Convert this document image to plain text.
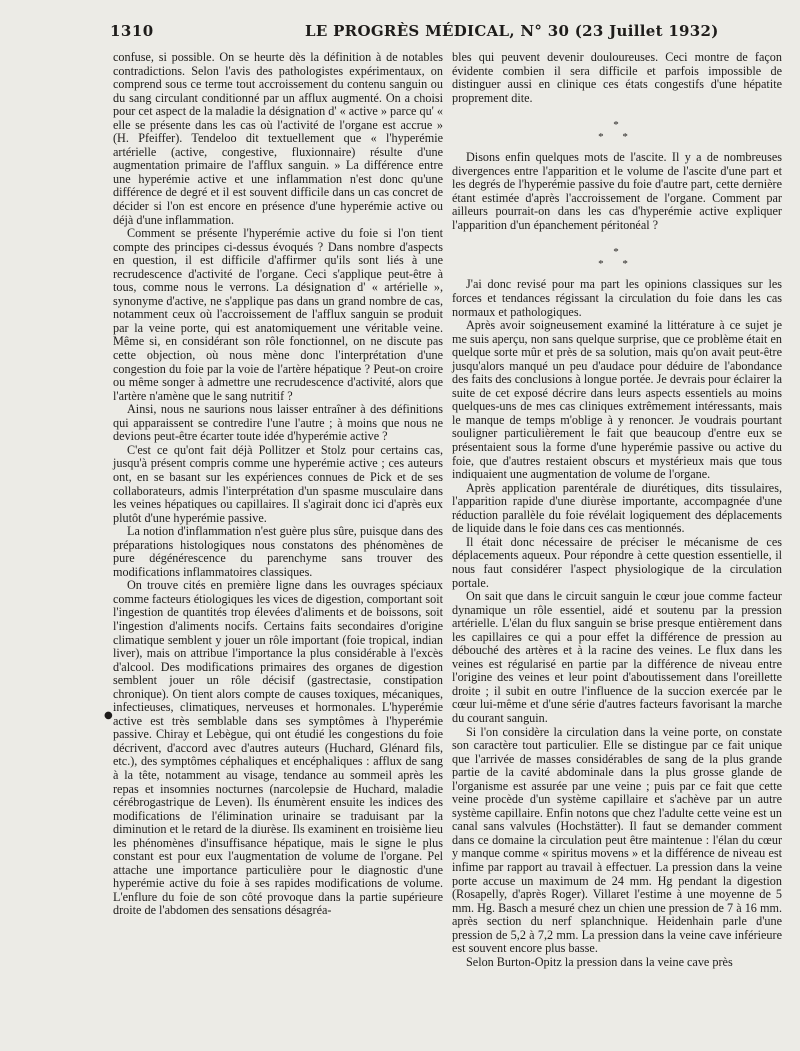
1310	LE PROGRÈS MÉDICAL, N° 30 (23 Juillet 1932)

confuse, si possible. On se heurte dès la définition à de notables contradictions. Selon l'avis des pathologistes expérimentaux, on comprend sous ce terme tout accroissement du contenu sanguin ou du sang circulant conditionné par un afflux augmenté. On a choisi pour cet aspect de la maladie la désignation d' « active » parce qu' « elle se présente dans les cas où l'activité de l'organe est accrue » (H. Pfeiffer). Tendeloo dit textuellement que « l'hyperémie artérielle (active, congestive, fluxionnaire) résulte d'une augmentation primaire de l'afflux sanguin. » La différence entre une hyperémie active et une inflammation n'est donc qu'une différence de degré et il est souvent difficile dans un cas concret de décider si l'on est encore en présence d'une hyperémie active ou déjà d'une inflammation.

Comment se présente l'hyperémie active du foie si l'on tient compte des principes ci-dessus évoqués ? Dans nombre d'aspects en question, il est difficile d'affirmer qu'ils sont liés à une recrudescence d'activité de l'organe. Ceci s'applique peut-être à tous, comme nous le verrons. La désignation d' « artérielle », synonyme d'active, ne s'applique pas dans un grand nombre de cas, notamment ceux où l'accroissement de l'afflux sanguin se produit par la veine porte, qui est anatomiquement une véritable veine. Même si, en considérant son rôle fonctionnel, on ne discute pas cette objection, où nous mène donc l'interprétation d'une congestion du foie par la voie de l'artère hépatique ? Peut-on croire ou même songer à admettre une recrudescence d'activité, alors que l'artère n'amène que le sang nutritif ?

Ainsi, nous ne saurions nous laisser entraîner à des définitions qui apparaissent se contredire l'une l'autre ; à moins que nous ne devions peut-être écarter toute idée d'hyperémie active ?

C'est ce qu'ont fait déjà Pollitzer et Stolz pour certains cas, jusqu'à présent compris comme une hyperémie active ; ces auteurs ont, en se basant sur les expériences connues de Pick et de ses collaborateurs, admis l'interprétation d'un spasme musculaire dans les veines hépatiques ou capillaires. Il s'agirait donc ici d'après eux plutôt d'une hyperémie passive.

La notion d'inflammation n'est guère plus sûre, puisque dans des préparations histologiques nous constatons des phénomènes de pure dégénérescence du parenchyme sans trouver des modifications inflammatoires classiques.

On trouve cités en première ligne dans les ouvrages spéciaux comme facteurs étiologiques les vices de digestion, comportant soit l'ingestion de quantités trop élevées d'aliments et de boissons, soit l'ingestion d'aliments nocifs. Certains faits secondaires d'origine climatique semblent y jouer un rôle important (foie tropical, indian liver), mais on attribue l'importance la plus considérable à l'excès d'alcool. Des modifications primaires des organes de digestion semblent jouer un rôle décisif (gastrectasie, constipation chronique). On tient alors compte de causes toxiques, mécaniques, infectieuses, climatiques, nerveuses et hormonales. L'hyperémie active est très semblable dans ses symptômes à l'hyperémie passive. Chiray et Lebègue, qui ont étudié les congestions du foie décrivent, d'accord avec d'autres auteurs (Huchard, Glénard fils, etc.), des symptômes céphaliques et encéphaliques : afflux de sang à la tête, notamment au visage, tendance au sommeil après les repas et insomnies nocturnes (narcolepsie de Huchard, maladie cérébrogastrique de Leven). Ils énumèrent ensuite les indices des modifications de l'élimination urinaire se traduisant par la diminution et le retard de la diurèse. Ils examinent en troisième lieu les phénomènes d'insuffisance hépatique, mais le signe le plus constant est pour eux l'augmentation de volume de l'organe. Pel attache une importance particulière pour le diagnostic d'une hyperémie active du foie à ses rapides modifications de volume. L'enflure du foie de son côté provoque dans la partie supérieure droite de l'abdomen des sensations désagréa-

●

bles qui peuvent devenir douloureuses. Ceci montre de façon évidente combien il sera difficile et parfois impossible de distinguer aussi en clinique ces états congestifs d'une hépatite proprement dite.

*
* *

Disons enfin quelques mots de l'ascite. Il y a de nombreuses divergences entre l'apparition et le volume de l'ascite d'une part et les degrés de l'hyperémie passive du foie d'autre part, cette dernière étant estimée d'après l'accroissement de l'organe. Comment par ailleurs pourrait-on dans les cas d'hyperémie active expliquer l'apparition d'un épanchement péritonéal ?

*
* *

J'ai donc revisé pour ma part les opinions classiques sur les forces et tendances régissant la circulation du foie dans les cas normaux et pathologiques.

Après avoir soigneusement examiné la littérature à ce sujet je me suis aperçu, non sans quelque surprise, que ce problème était en quelque sorte mûr et près de sa solution, mais qu'on avait peut-être jusqu'alors manqué un peu d'audace pour déduire de l'abondance des faits des conclusions à longue portée. Je devrais pour éclairer la suite de cet exposé décrire dans leurs aspects essentiels au moins quelques-uns de mes cas cliniques extrêmement intéressants, mais le manque de temps m'oblige à y renoncer. Je voudrais pourtant souligner particulièrement le fait que beaucoup d'entre eux se présentaient sous la forme d'une hyperémie passive ou active du foie, que d'autres restaient obscurs et mystérieux mais que tous indiquaient une augmentation de volume de l'organe.

Après application parentérale de diurétiques, dits tissulaires, l'apparition rapide d'une diurèse importante, accompagnée d'une réduction parallèle du foie révélait logiquement des déplacements de liquide dans le foie dans ces cas mentionnés.

Il était donc nécessaire de préciser le mécanisme de ces déplacements aqueux. Pour répondre à cette question essentielle, il nous faut considérer l'aspect physiologique de la circulation portale.

On sait que dans le circuit sanguin le cœur joue comme facteur dynamique un rôle essentiel, aidé et soutenu par la pression artérielle. L'élan du flux sanguin se brise presque entièrement dans les capillaires ce qui a pour effet la différence de pression au débouché des artères et à la racine des veines. Le flux dans les veines est régularisé en partie par la différence de niveau entre l'origine des veines et leur point d'aboutissement dans l'oreillette droite ; il subit en outre l'influence de la succion exercée par le cœur lui-même et d'une série d'autres facteurs favorisant la marche du courant sanguin.

Si l'on considère la circulation dans la veine porte, on constate son caractère tout particulier. Elle se distingue par ce fait unique que l'arrivée de masses considérables de sang de la plus grande partie de la cavité abdominale dans la plus grosse glande de l'organisme est assurée par une veine ; puis par ce fait que cette veine procède d'un système capillaire et s'achève par un autre système capillaire. Enfin notons que chez l'adulte cette veine est un canal sans valvules (Hochstätter). Il faut se demander comment dans ce domaine la circulation peut être maintenue : l'élan du cœur y manque comme « spiritus movens » et la différence de niveau est infime par rapport au travail à effectuer. La pression dans la veine porte accuse un maximum de 24 mm. Hg pendant la digestion (Rosapelly, d'après Roger). Villaret l'estime à une moyenne de 5 mm. Hg. Basch a mesuré chez un chien une pression de 7 à 16 mm. après section du nerf splanchnique. Heidenhain parle d'une pression de 5,2 à 7,2 mm. La pression dans la veine cave inférieure est souvent encore plus basse.

Selon Burton-Opitz la pression dans la veine cave près
